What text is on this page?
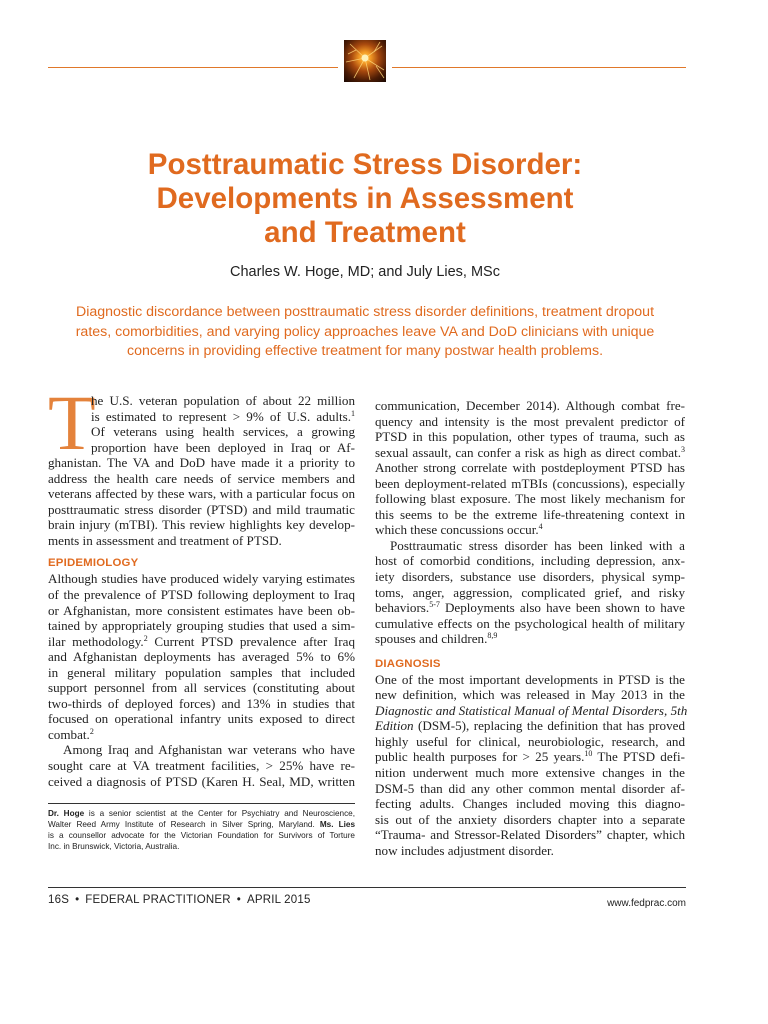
Posttraumatic Stress Disorder:
Developments in Assessment
and Treatment
Charles W. Hoge, MD; and July Lies, MSc
Diagnostic discordance between posttraumatic stress disorder definitions, treatment dropout
rates, comorbidities, and varying policy approaches leave VA and DoD clinicians with unique
concerns in providing effective treatment for many postwar health problems.
T
he U.S. veteran population of about 22 million
is estimated to represent > 9% of U.S. adults.$^1$
Of veterans using health services, a growing
proportion have been deployed in Iraq or Af-
ghanistan. The VA and DoD have made it a priority to
address the health care needs of service members and
veterans affected by these wars, with a particular focus on
posttraumatic stress disorder (PTSD) and mild traumatic
brain injury (mTBI). This review highlights key develop-
ments in assessment and treatment of PTSD.
EPIDEMIOLOGY
Although studies have produced widely varying estimates
of the prevalence of PTSD following deployment to Iraq
or Afghanistan, more consistent estimates have been ob-
tained by appropriately grouping studies that used a sim-
ilar methodology.$^2$ Current PTSD prevalence after Iraq
and Afghanistan deployments has averaged 5% to 6%
in general military population samples that included
support personnel from all services (constituting about
two-thirds of deployed forces) and 13% in studies that
focused on operational infantry units exposed to direct
combat.$^2$
Among Iraq and Afghanistan war veterans who have
sought care at VA treatment facilities, > 25% have re-
ceived a diagnosis of PTSD (Karen H. Seal, MD, written
Dr. Hoge is a senior scientist at the Center for Psychiatry and Neuroscience,
Walter Reed Army Institute of Research in Silver Spring, Maryland. Ms. Lies
is a counsellor advocate for the Victorian Foundation for Survivors of Torture
Inc. in Brunswick, Victoria, Australia.
communication, December 2014). Although combat fre-
quency and intensity is the most prevalent predictor of
PTSD in this population, other types of trauma, such as
sexual assault, can confer a risk as high as direct combat.$^3$
Another strong correlate with postdeployment PTSD has
been deployment-related mTBIs (concussions), especially
following blast exposure. The most likely mechanism for
this seems to be the extreme life-threatening context in
which these concussions occur.$^4$
Posttraumatic stress disorder has been linked with a
host of comorbid conditions, including depression, anx-
iety disorders, substance use disorders, physical symp-
toms, anger, aggression, complicated grief, and risky
behaviors.$^{5-7}$ Deployments also have been shown to have
cumulative effects on the psychological health of military
spouses and children.$^{8,9}$
DIAGNOSIS
One of the most important developments in PTSD is the
new definition, which was released in May 2013 in the
Diagnostic and Statistical Manual of Mental Disorders, 5th
Edition (DSM-5), replacing the definition that has proved
highly useful for clinical, neurobiologic, research, and
public health purposes for > 25 years.$^{10}$ The PTSD defi-
nition underwent much more extensive changes in the
DSM-5 than did any other common mental disorder af-
fecting adults. Changes included moving this diagno-
sis out of the anxiety disorders chapter into a separate
“Trauma- and Stressor-Related Disorders” chapter, which
now includes adjustment disorder.
16S • FEDERAL PRACTITIONER • APRIL 2015	www.fedprac.com
